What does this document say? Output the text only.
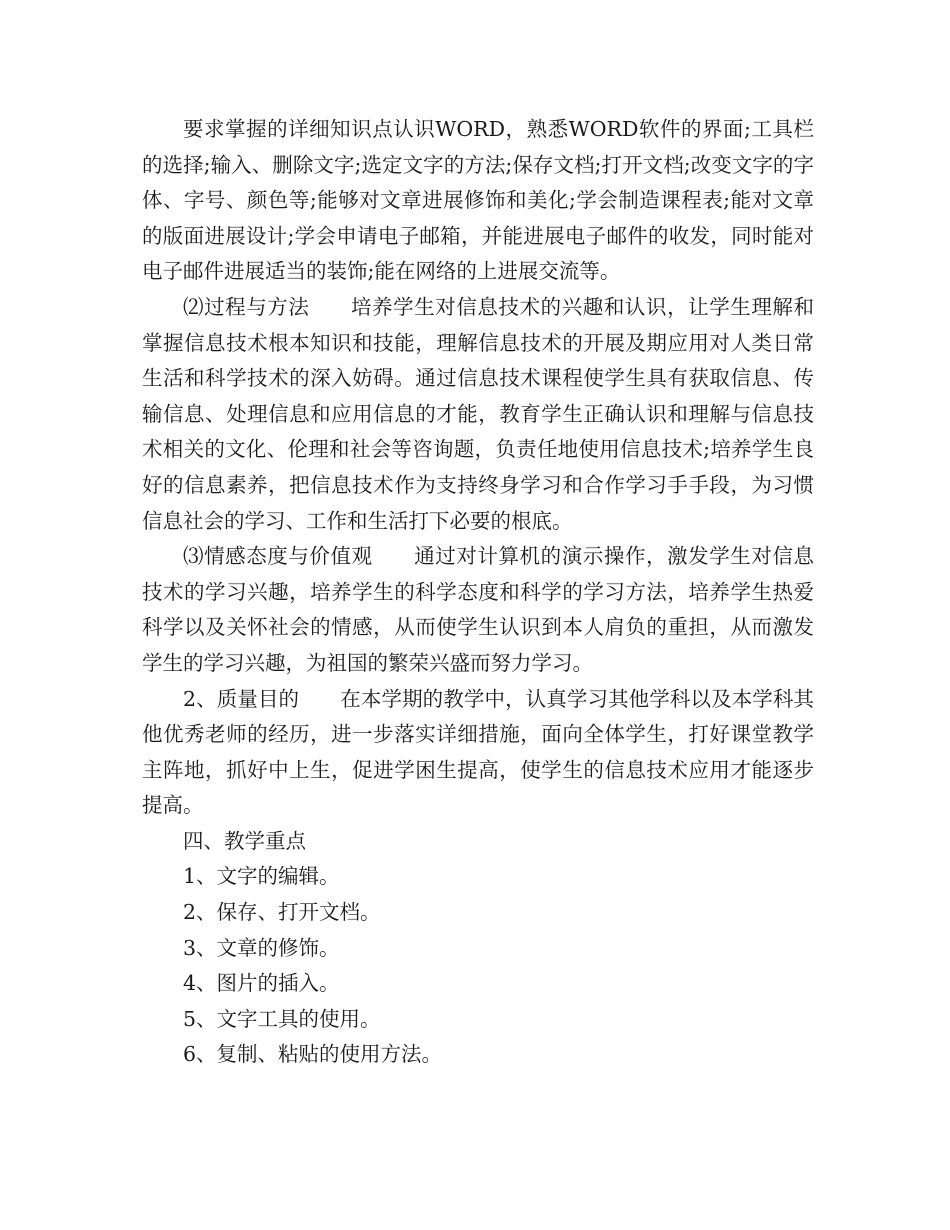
要求掌握的详细知识点认识WORD，熟悉WORD软件的界面;工具栏的选择;输入、删除文字;选定文字的方法;保存文档;打开文档;改变文字的字体、字号、颜色等;能够对文章进展修饰和美化;学会制造课程表;能对文章的版面进展设计;学会申请电子邮箱，并能进展电子邮件的收发，同时能对电子邮件进展适当的装饰;能在网络的上进展交流等。

⑵过程与方法 培养学生对信息技术的兴趣和认识，让学生理解和掌握信息技术根本知识和技能，理解信息技术的开展及期应用对人类日常生活和科学技术的深入妨碍。通过信息技术课程使学生具有获取信息、传输信息、处理信息和应用信息的才能，教育学生正确认识和理解与信息技术相关的文化、伦理和社会等咨询题，负责任地使用信息技术;培养学生良好的信息素养，把信息技术作为支持终身学习和合作学习手手段，为习惯信息社会的学习、工作和生活打下必要的根底。

⑶情感态度与价值观 通过对计算机的演示操作，激发学生对信息技术的学习兴趣，培养学生的科学态度和科学的学习方法，培养学生热爱科学以及关怀社会的情感，从而使学生认识到本人肩负的重担，从而激发学生的学习兴趣，为祖国的繁荣兴盛而努力学习。

2、质量目的 在本学期的教学中，认真学习其他学科以及本学科其他优秀老师的经历，进一步落实详细措施，面向全体学生，打好课堂教学主阵地，抓好中上生，促进学困生提高，使学生的信息技术应用才能逐步提高。

四、教学重点

1、文字的编辑。

2、保存、打开文档。

3、文章的修饰。

4、图片的插入。

5、文字工具的使用。

6、复制、粘贴的使用方法。
